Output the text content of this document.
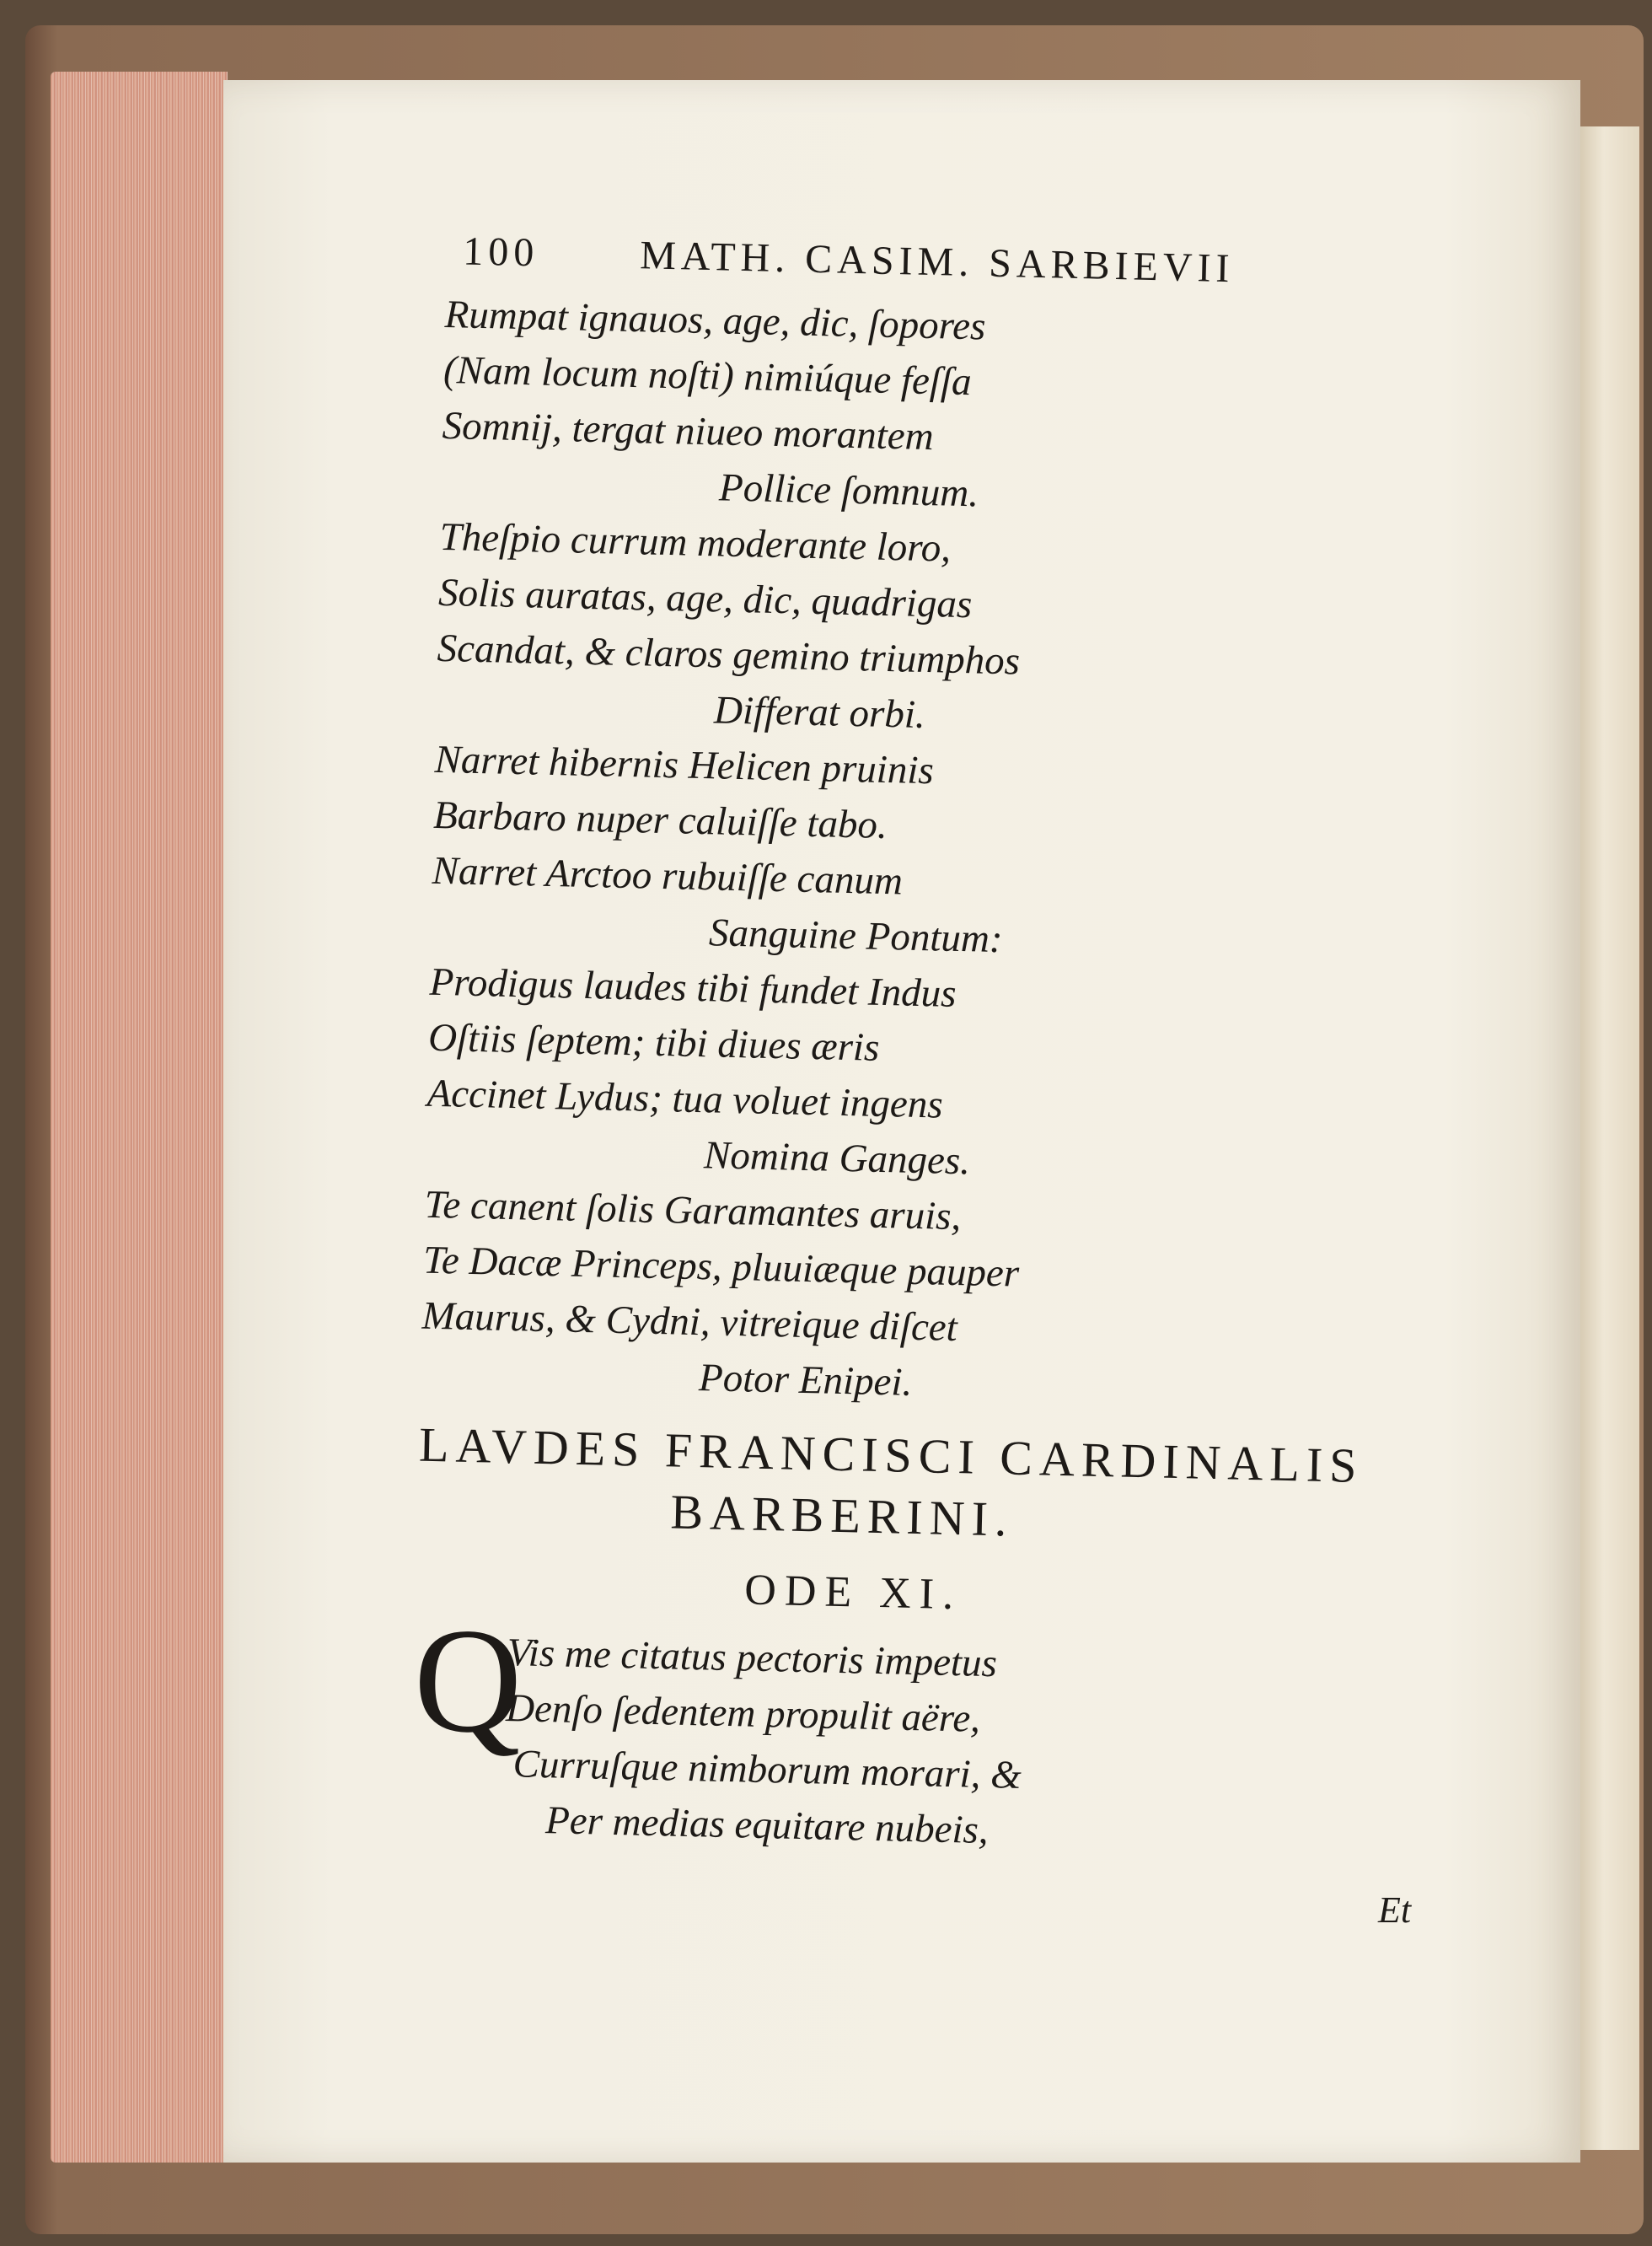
100 MATH. CASIM. SARBIEVII
Rumpat ignauos, age, dic, ſopores
(Nam locum noſti) nimiúque feſſa
Somnij, tergat niueo morantem
Pollice ſomnum.
Theſpio currum moderante loro,
Solis auratas, age, dic, quadrigas
Scandat, & claros gemino triumphos
Differat orbi.
Narret hibernis Helicen pruinis
Barbaro nuper caluiſſe tabo.
Narret Arctoo rubuiſſe canum
Sanguine Pontum:
Prodigus laudes tibi fundet Indus
Oſtiis ſeptem; tibi diues æris
Accinet Lydus; tua voluet ingens
Nomina Ganges.
Te canent ſolis Garamantes aruis,
Te Dacæ Princeps, pluuiæque pauper
Maurus, & Cydni, vitreique diſcet
Potor Enipei.
LAVDES FRANCISCI CARDINALIS
BARBERINI.
ODE XI.
Q
Vis me citatus pectoris impetus
Denſo ſedentem propulit aëre,
Curruſque nimborum morari, &
Per medias equitare nubeis,
Et
